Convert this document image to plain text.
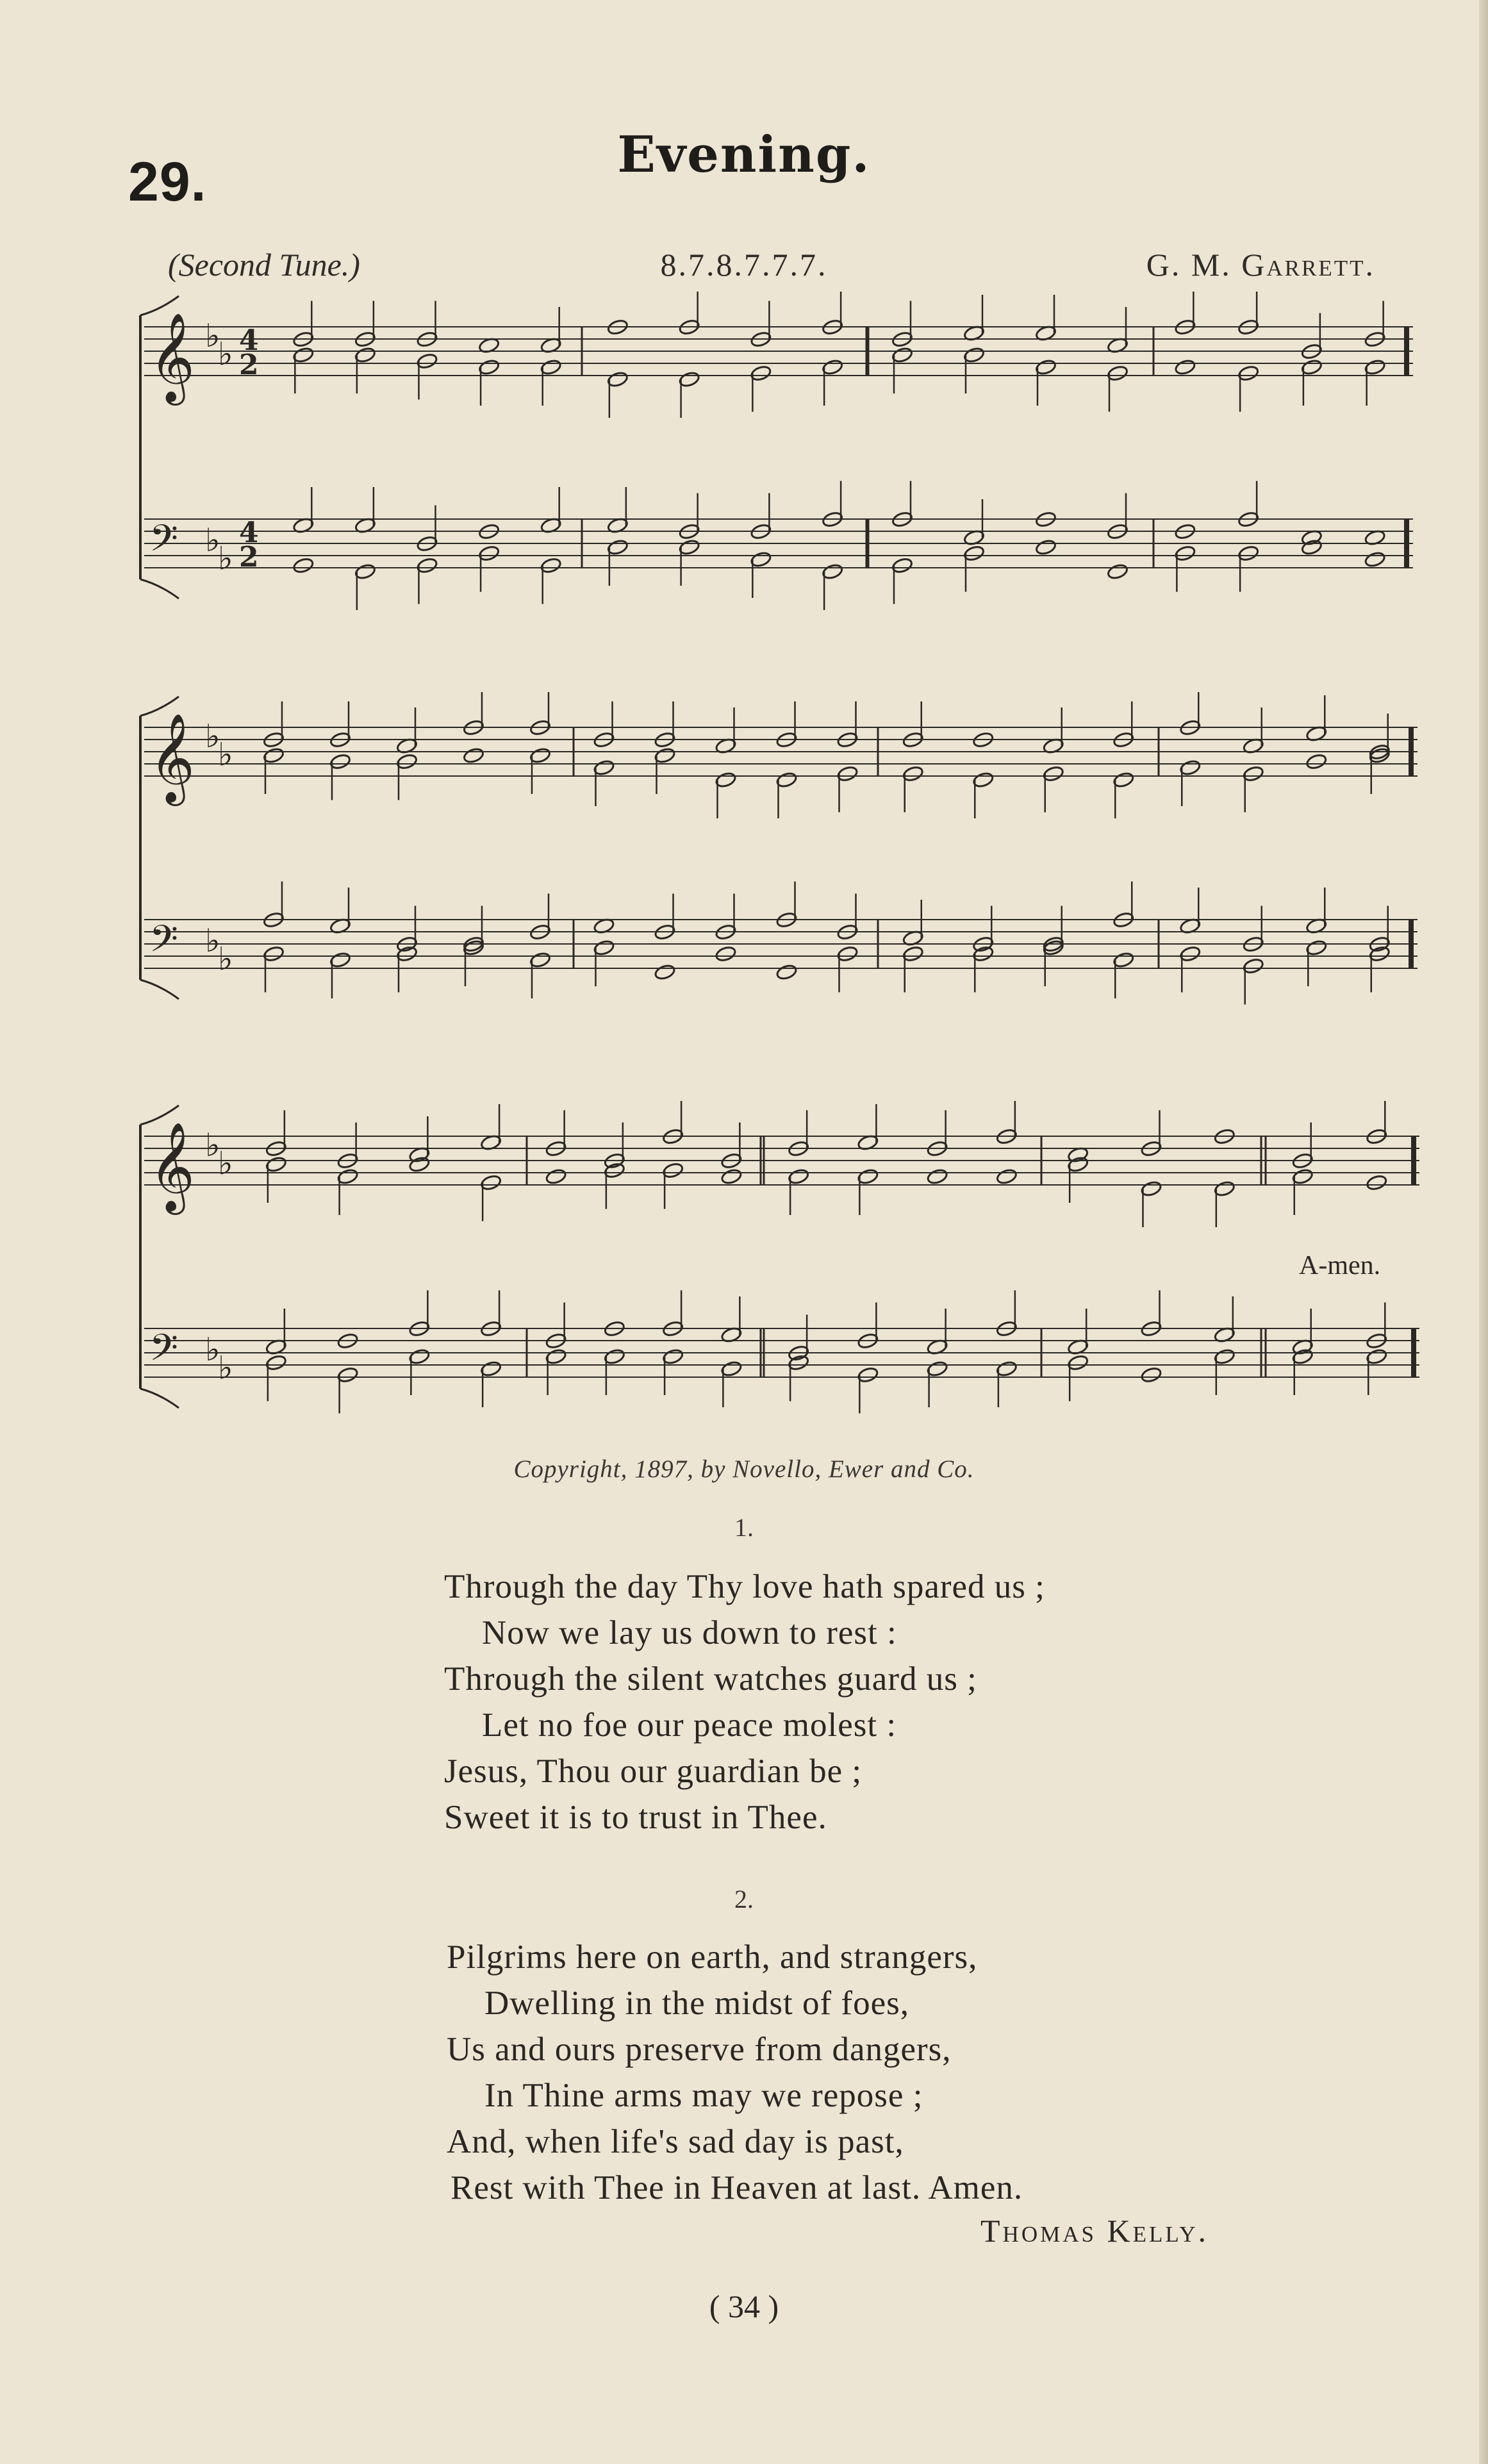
29.	Evening.
(Second Tune.)	8.7.8.7.7.7.	G. M. Garrett.
𝄞 ♭
♭ 4
2
𝄢 ♭
♭
4
2
𝄞 ♭
♭
𝄢 ♭
♭
𝄞 ♭
♭
𝄢 ♭
♭
A-men.
Copyright, 1897, by Novello, Ewer and Co.
1.
Through the day Thy love hath spared us ;
Now we lay us down to rest :
Through the silent watches guard us ;
Let no foe our peace molest :
Jesus, Thou our guardian be ;
Sweet it is to trust in Thee.
2.
Pilgrims here on earth, and strangers,
Dwelling in the midst of foes,
Us and ours preserve from dangers,
In Thine arms may we repose ;
And, when life's sad day is past,
Rest with Thee in Heaven at last. Amen.
Thomas Kelly.
( 34 )
